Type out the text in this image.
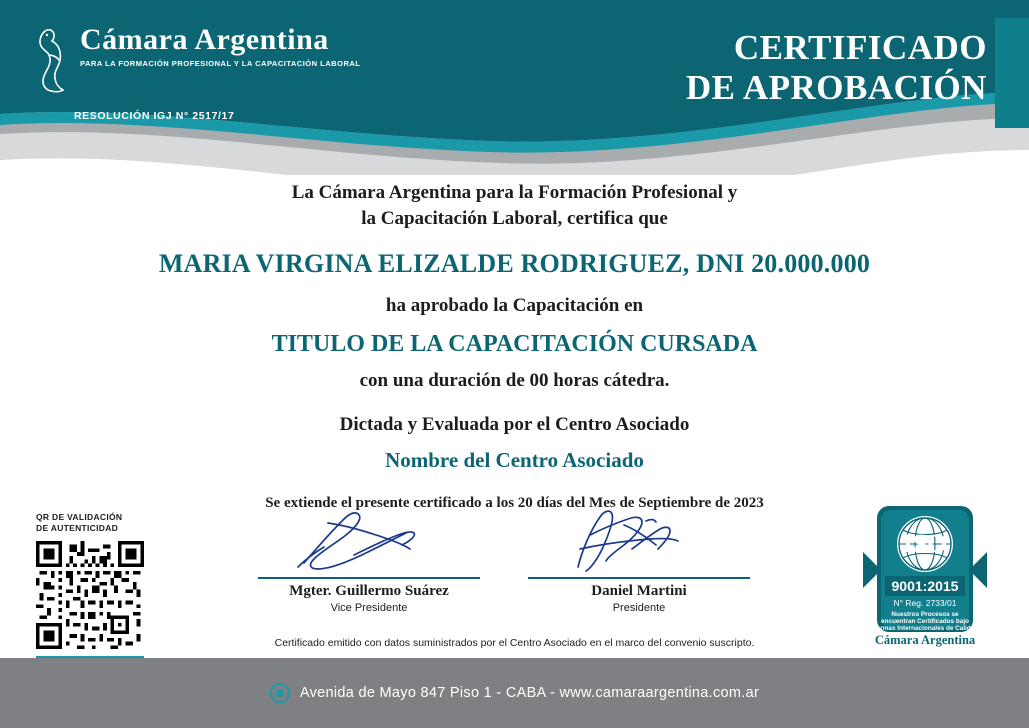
Cámara Argentina
PARA LA FORMACIÓN PROFESIONAL Y LA CAPACITACIÓN LABORAL
RESOLUCIÓN IGJ N° 2517/17
CERTIFICADO
DE APROBACIÓN
La Cámara Argentina para la Formación Profesional y
la Capacitación Laboral, certifica que
MARIA VIRGINA ELIZALDE RODRIGUEZ, DNI 20.000.000
ha aprobado la Capacitación en
TITULO DE LA CAPACITACIÓN CURSADA
con una duración de 00 horas cátedra.
Dictada y Evaluada por el Centro Asociado
Nombre del Centro Asociado
Se extiende el presente certificado a los 20 días del Mes de Septiembre de 2023
QR DE VALIDACIÓN
DE AUTENTICIDAD
Mgter. Guillermo Suárez
Vice Presidente
Daniel Martini
Presidente
Certificado emitido con datos suministrados por el Centro Asociado en el marco del convenio suscripto.
ISO
9001:2015
N° Reg. 2733/01
Nuestros Procesos se
encuentran Certificados bajo
Normas Internacionales de Calidad
Cámara Argentina
Avenida de Mayo 847 Piso 1 - CABA - www.camaraargentina.com.ar
